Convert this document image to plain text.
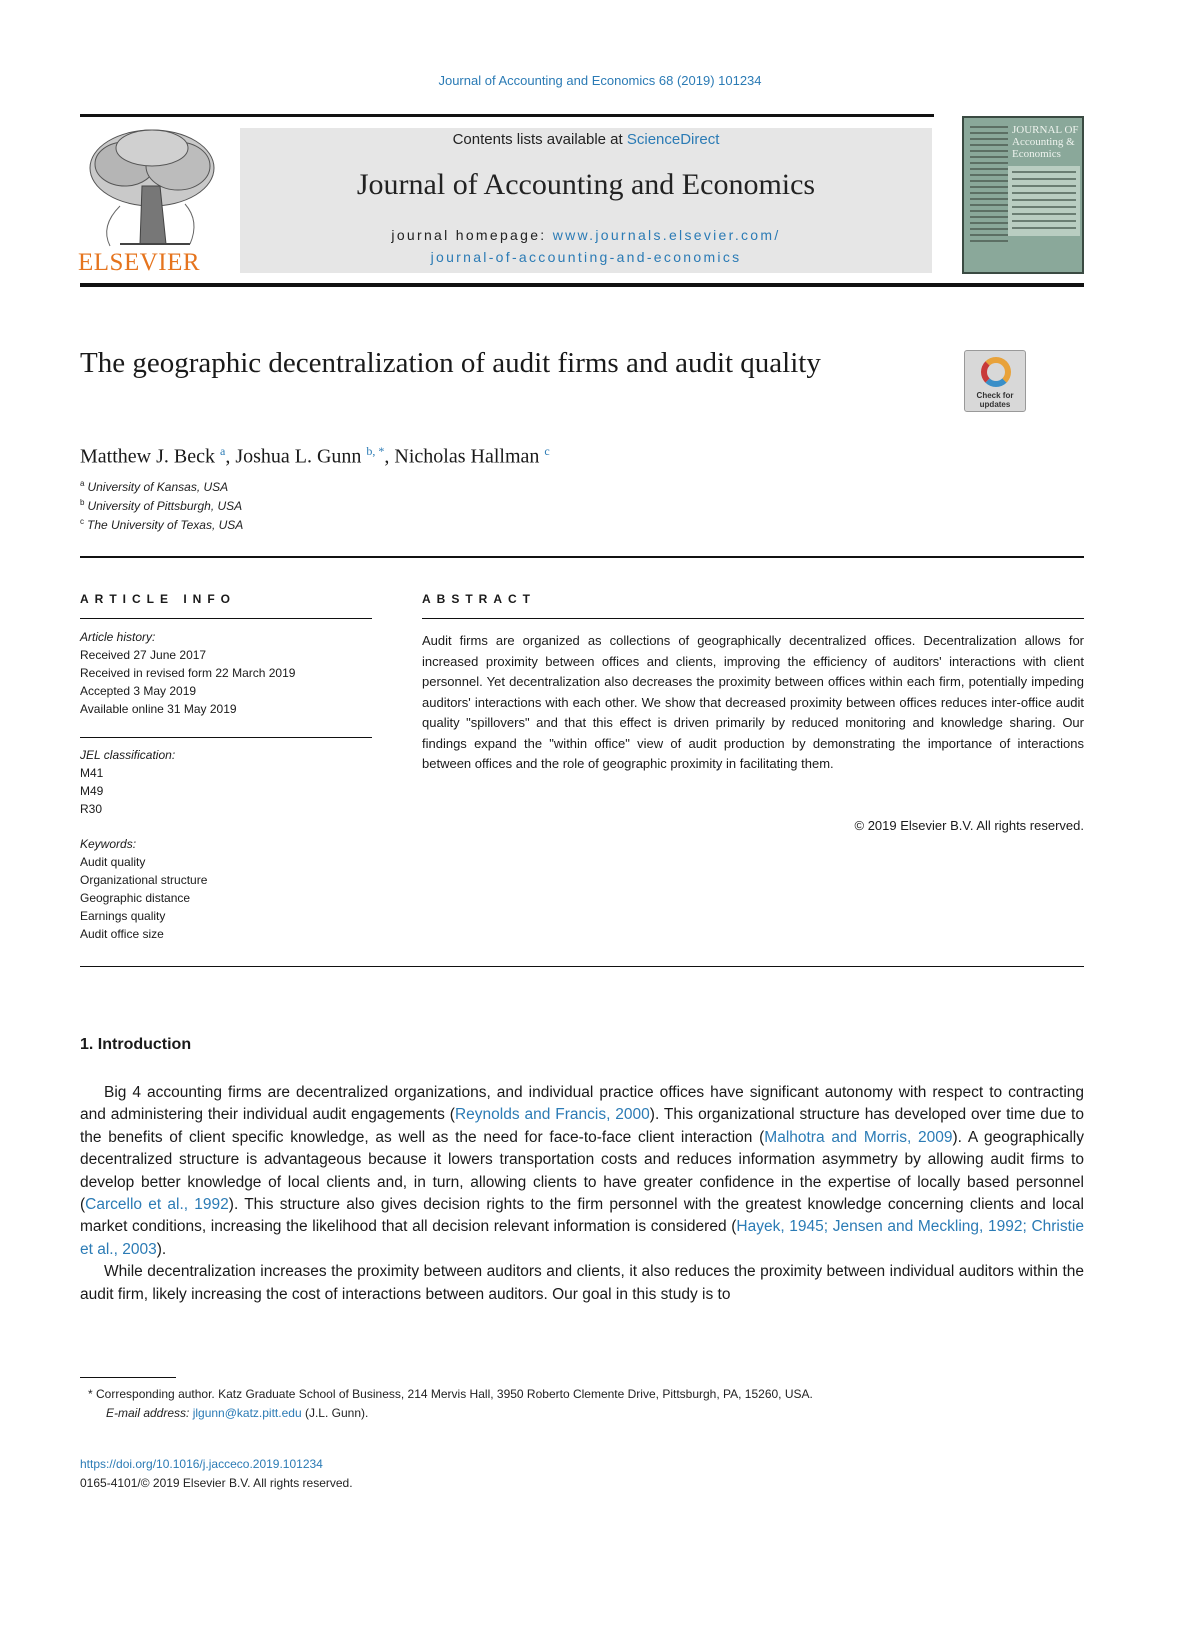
Journal of Accounting and Economics 68 (2019) 101234
ELSEVIER
Contents lists available at ScienceDirect
Journal of Accounting and Economics
journal homepage: www.journals.elsevier.com/
journal-of-accounting-and-economics
JOURNAL OF Accounting & Economics
The geographic decentralization of audit firms and audit quality
Check for updates
Matthew J. Beck $^a$, Joshua L. Gunn $^{b, *}$, Nicholas Hallman $^c$
$^a$ University of Kansas, USA
$^b$ University of Pittsburgh, USA
$^c$ The University of Texas, USA
ARTICLE INFO
Article history:
Received 27 June 2017
Received in revised form 22 March 2019
Accepted 3 May 2019
Available online 31 May 2019
JEL classification:
M41
M49
R30
Keywords:
Audit quality
Organizational structure
Geographic distance
Earnings quality
Audit office size
ABSTRACT
Audit firms are organized as collections of geographically decentralized offices. Decentralization allows for increased proximity between offices and clients, improving the efficiency of auditors' interactions with client personnel. Yet decentralization also decreases the proximity between offices within each firm, potentially impeding auditors' interactions with each other. We show that decreased proximity between offices reduces inter-office audit quality "spillovers" and that this effect is driven primarily by reduced monitoring and knowledge sharing. Our findings expand the "within office" view of audit production by demonstrating the importance of interactions between offices and the role of geographic proximity in facilitating them.
© 2019 Elsevier B.V. All rights reserved.
1. Introduction

Big 4 accounting firms are decentralized organizations, and individual practice offices have significant autonomy with respect to contracting and administering their individual audit engagements (Reynolds and Francis, 2000). This organizational structure has developed over time due to the benefits of client specific knowledge, as well as the need for face-to-face client interaction (Malhotra and Morris, 2009). A geographically decentralized structure is advantageous because it lowers transportation costs and reduces information asymmetry by allowing audit firms to develop better knowledge of local clients and, in turn, allowing clients to have greater confidence in the expertise of locally based personnel (Carcello et al., 1992). This structure also gives decision rights to the firm personnel with the greatest knowledge concerning clients and local market conditions, increasing the likelihood that all decision relevant information is considered (Hayek, 1945; Jensen and Meckling, 1992; Christie et al., 2003).

While decentralization increases the proximity between auditors and clients, it also reduces the proximity between individual auditors within the audit firm, likely increasing the cost of interactions between auditors. Our goal in this study is to

* Corresponding author. Katz Graduate School of Business, 214 Mervis Hall, 3950 Roberto Clemente Drive, Pittsburgh, PA, 15260, USA.
E-mail address: jlgunn@katz.pitt.edu (J.L. Gunn).
https://doi.org/10.1016/j.jacceco.2019.101234
0165-4101/© 2019 Elsevier B.V. All rights reserved.
